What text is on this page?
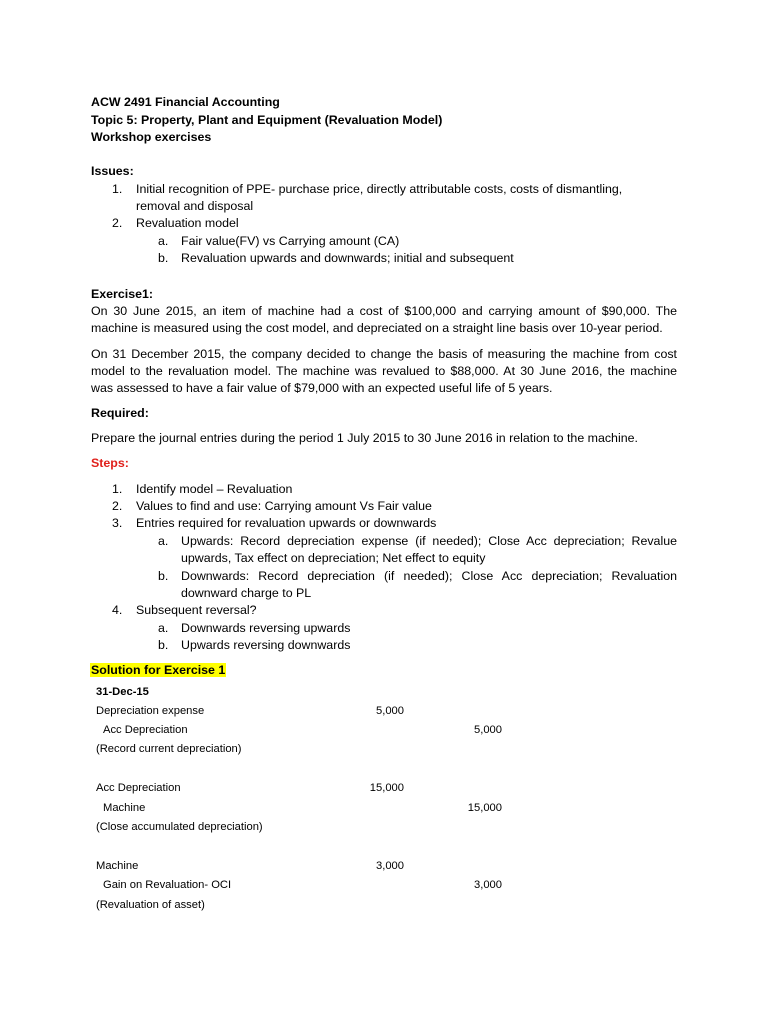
ACW 2491 Financial Accounting
Topic 5: Property, Plant and Equipment (Revaluation Model)
Workshop exercises
Issues:
1. Initial recognition of PPE- purchase price, directly attributable costs, costs of dismantling,
removal and disposal
2. Revaluation model
a. Fair value(FV) vs Carrying amount (CA)
b. Revaluation upwards and downwards; initial and subsequent
Exercise1:
On 30 June 2015, an item of machine had a cost of $100,000 and carrying amount of $90,000. The
machine is measured using the cost model, and depreciated on a straight line basis over 10-year period.
On 31 December 2015, the company decided to change the basis of measuring the machine from cost
model to the revaluation model. The machine was revalued to $88,000. At 30 June 2016, the machine
was assessed to have a fair value of $79,000 with an expected useful life of 5 years.
Required:
Prepare the journal entries during the period 1 July 2015 to 30 June 2016 in relation to the machine.
Steps:
1. Identify model – Revaluation
2. Values to find and use: Carrying amount Vs Fair value
3. Entries required for revaluation upwards or downwards
a. Upwards: Record depreciation expense (if needed); Close Acc depreciation; Revalue
upwards, Tax effect on depreciation; Net effect to equity
b. Downwards: Record depreciation (if needed); Close Acc depreciation; Revaluation
downward charge to PL
4. Subsequent reversal?
a. Downwards reversing upwards
b. Upwards reversing downwards
Solution for Exercise 1
31-Dec-15
Depreciation expense	5,000
Acc Depreciation	5,000
(Record current depreciation)
Acc Depreciation	15,000
Machine	15,000
(Close accumulated depreciation)
Machine	3,000
Gain on Revaluation- OCI	3,000
(Revaluation of asset)
